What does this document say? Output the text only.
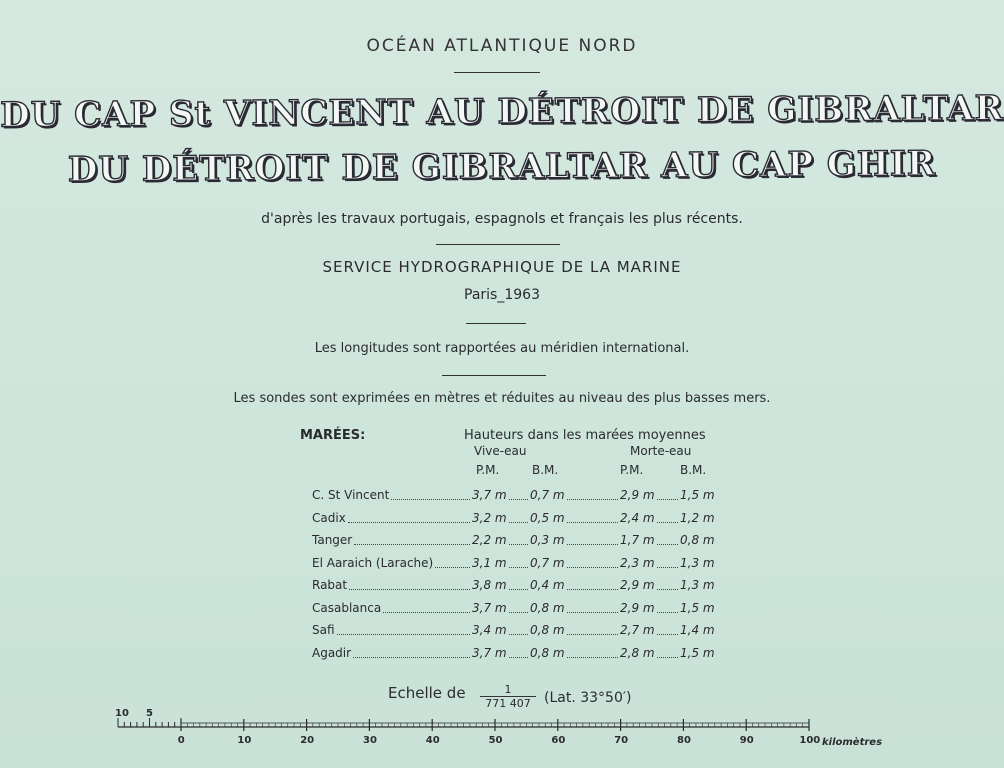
OCÉAN ATLANTIQUE NORD
DU CAP St VINCENT AU DÉTROIT DE GIBRALTAR
DU DÉTROIT DE GIBRALTAR AU CAP GHIR
d'après les travaux portugais, espagnols et français les plus récents.
SERVICE HYDROGRAPHIQUE DE LA MARINE
Paris_1963
Les longitudes sont rapportées au méridien international.
Les sondes sont exprimées en mètres et réduites au niveau des plus basses mers.
MARÉES:	Hauteurs dans les marées moyennes
Vive-eau	Morte-eau
P.M.	B.M.	P.M.	B.M.
C. St Vincent	3,7 m 0,7 m	2,9 m 1,5 m
Cadix	3,2 m 0,5 m	2,4 m 1,2 m
Tanger	2,2 m 0,3 m	1,7 m 0,8 m
El Aaraich (Larache)	3,1 m 0,7 m	2,3 m 1,3 m
Rabat	3,8 m 0,4 m	2,9 m 1,3 m
Casablanca	3,7 m 0,8 m	2,9 m 1,5 m
Safi	3,4 m 0,8 m	2,7 m 1,4 m
Agadir	3,7 m 0,8 m	2,8 m 1,5 m
Echelle de $\frac{1}{771 407} (Lat$. 33°50′)
10 5
0	10	20	30	40	50	60	70	80	90	100 kilomètres
